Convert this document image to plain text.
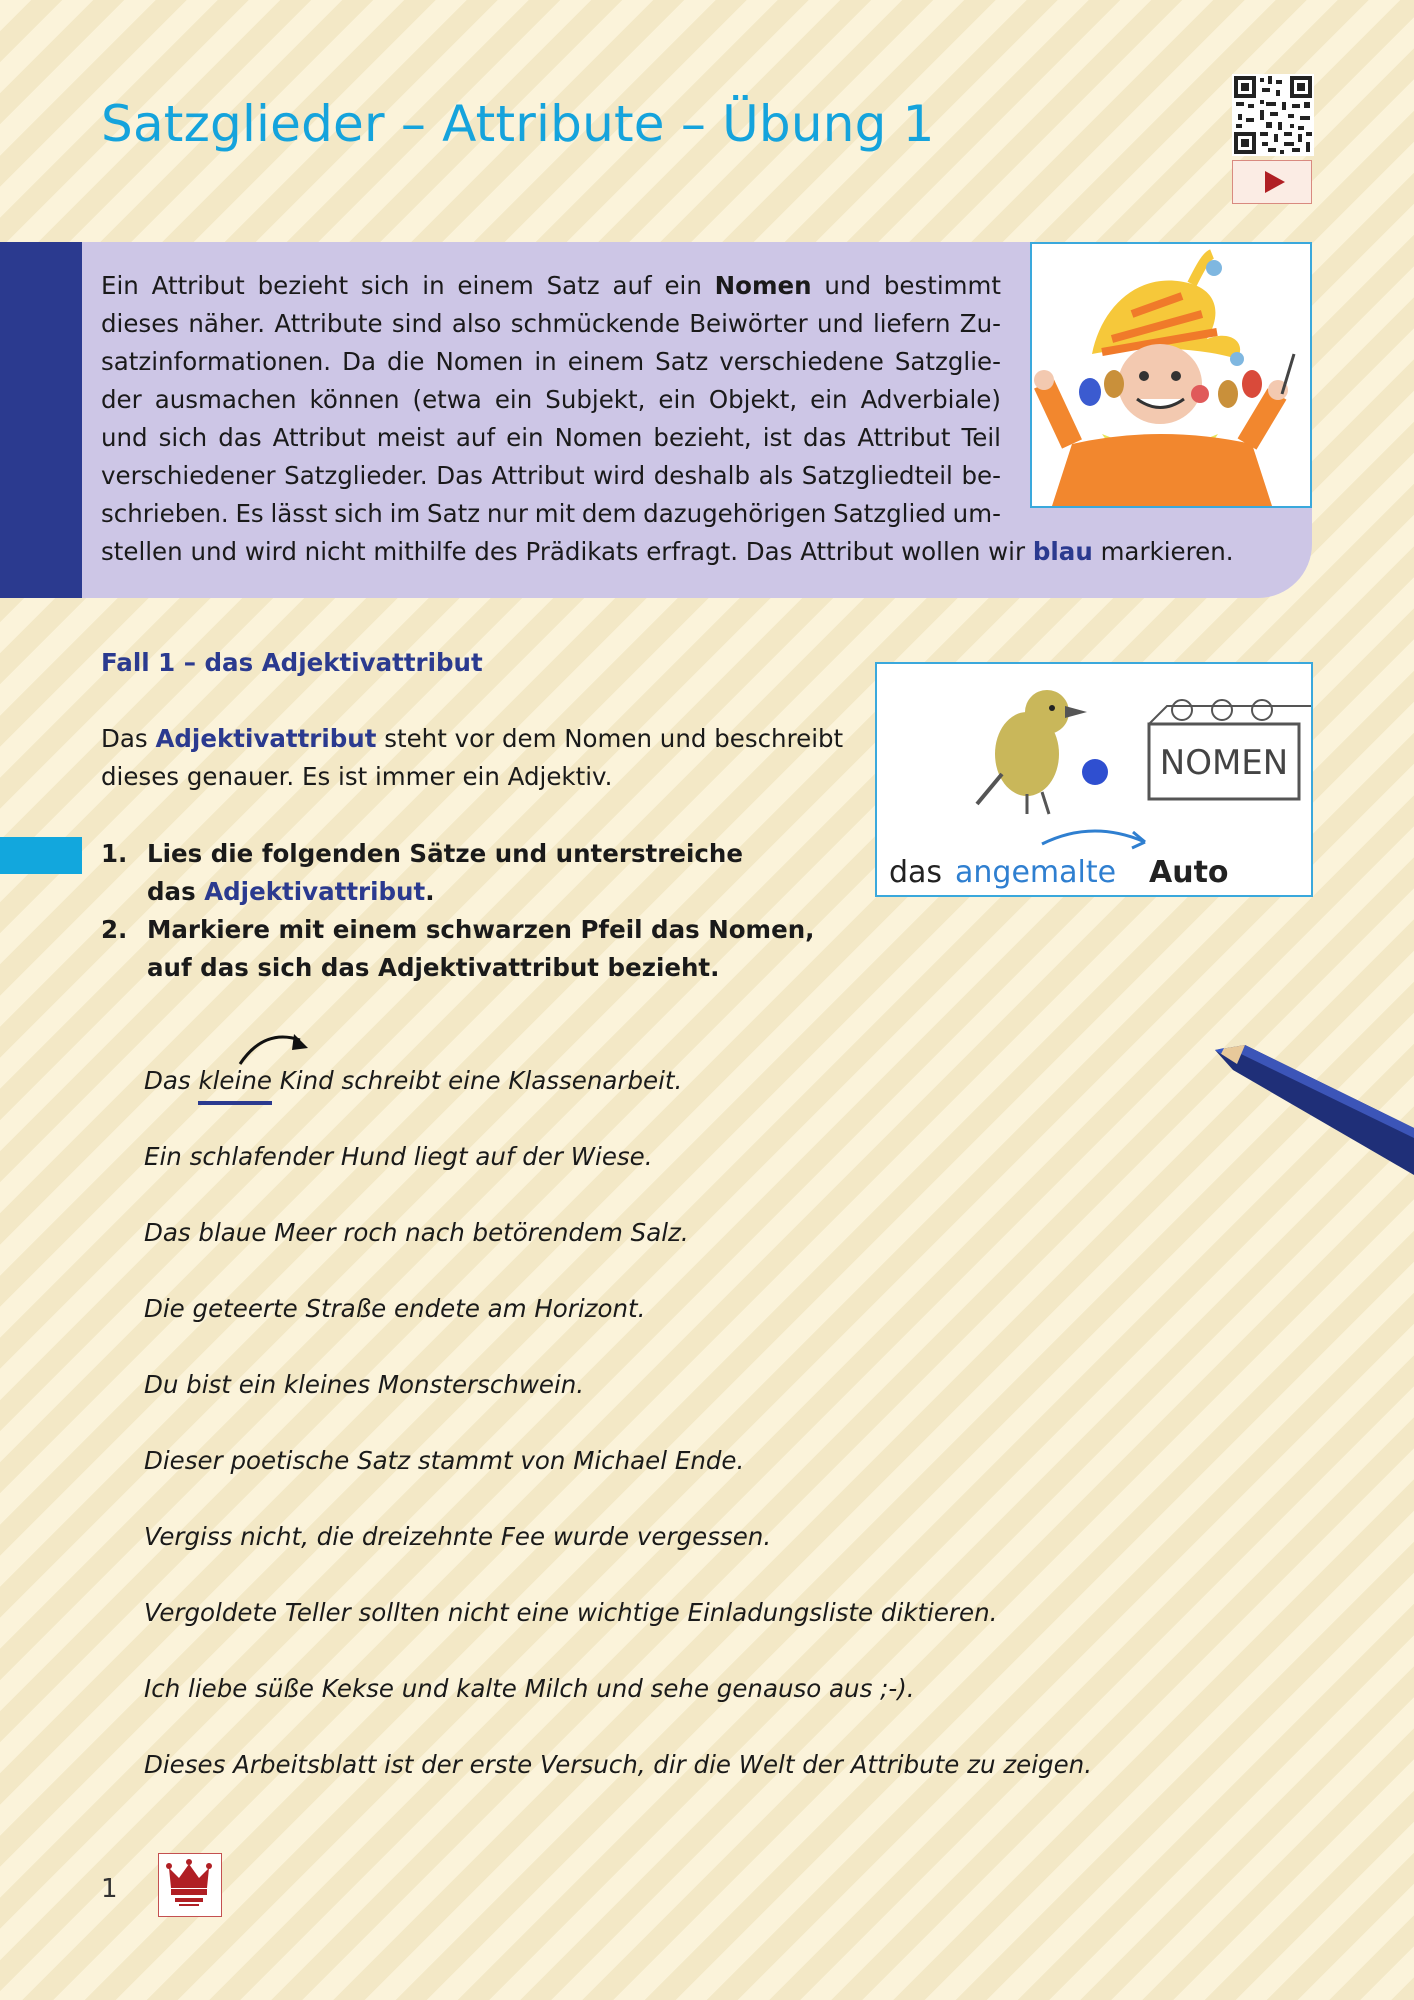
Satzglieder – Attribute – Übung 1
Ein Attribut bezieht sich in einem Satz auf ein Nomen und bestimmt
dieses näher. Attribute sind also schmückende Beiwörter und liefern Zu-
satzinformationen. Da die Nomen in einem Satz verschiedene Satzglie-
der ausmachen können (etwa ein Subjekt, ein Objekt, ein Adverbiale)
und sich das Attribut meist auf ein Nomen bezieht, ist das Attribut Teil
verschiedener Satzglieder. Das Attribut wird deshalb als Satzgliedteil be-
schrieben. Es lässt sich im Satz nur mit dem dazugehörigen Satzglied um-
stellen und wird nicht mithilfe des Prädikats erfragt. Das Attribut wollen wir blau markieren.
Fall 1 – das Adjektivattribut
Das Adjektivattribut steht vor dem Nomen und beschreibt
dieses genauer. Es ist immer ein Adjektiv.	NOMEN
das angemalte Auto
1. Lies die folgenden Sätze und unterstreiche
das Adjektivattribut.
2. Markiere mit einem schwarzen Pfeil das Nomen,
auf das sich das Adjektivattribut bezieht.
Das kleine
Kind schreibt eine Klassenarbeit.
Ein schlafender Hund liegt auf der Wiese.
Das blaue Meer roch nach betörendem Salz.
Die geteerte Straße endete am Horizont.
Du bist ein kleines Monsterschwein.
Dieser poetische Satz stammt von Michael Ende.
Vergiss nicht, die dreizehnte Fee wurde vergessen.
Vergoldete Teller sollten nicht eine wichtige Einladungsliste diktieren.
Ich liebe süße Kekse und kalte Milch und sehe genauso aus ;-).
Dieses Arbeitsblatt ist der erste Versuch, dir die Welt der Attribute zu zeigen.
1
